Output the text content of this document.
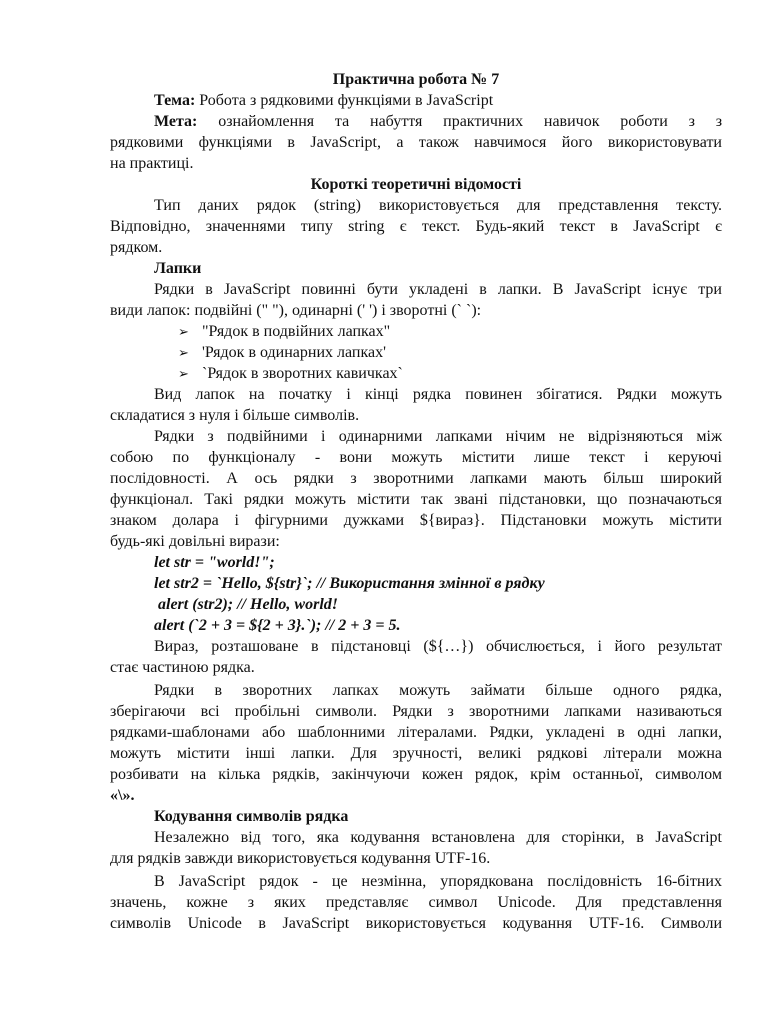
Практична робота № 7
Тема: Робота з рядковими функціями в JavaScript
Мета: ознайомлення та набуття практичних навичок роботи з з
рядковими функціями в JavaScript, а також навчимося його використовувати
на практиці.
Короткі теоретичні відомості
Тип даних рядок (string) використовується для представлення тексту.
Відповідно, значеннями типу string є текст. Будь-який текст в JavaScript є
рядком.
Лапки
Рядки в JavaScript повинні бути укладені в лапки. В JavaScript існує три
види лапок: подвійні (" "), одинарні (' ') і зворотні (` `):
➢ "Рядок в подвійних лапках"
➢ 'Рядок в одинарних лапках'
➢ `Рядок в зворотних кавичках`
Вид лапок на початку і кінці рядка повинен збігатися. Рядки можуть
складатися з нуля і більше символів.
Рядки з подвійними і одинарними лапками нічим не відрізняються між
собою по функціоналу - вони можуть містити лише текст і керуючі
послідовності. А ось рядки з зворотними лапками мають більш широкий
функціонал. Такі рядки можуть містити так звані підстановки, що позначаються
знаком долара і фігурними дужками ${вираз}. Підстановки можуть містити
будь-які довільні вирази:
let str = "world!";
let str2 = `Hello, ${str}`; // Використання змінної в рядку
alert (str2); // Hello, world!
alert (`2 + 3 = ${2 + 3}.`); // 2 + 3 = 5.
Вираз, розташоване в підстановці (${…}) обчислюється, і його результат
стає частиною рядка.
Рядки в зворотних лапках можуть займати більше одного рядка,
зберігаючи всі пробільні символи. Рядки з зворотними лапками називаються
рядками-шаблонами або шаблонними літералами. Рядки, укладені в одні лапки,
можуть містити інші лапки. Для зручності, великі рядкові літерали можна
розбивати на кілька рядків, закінчуючи кожен рядок, крім останньої, символом
«\».
Кодування символів рядка
Незалежно від того, яка кодування встановлена для сторінки, в JavaScript
для рядків завжди використовується кодування UTF-16.
В JavaScript рядок - це незмінна, упорядкована послідовність 16-бітних
значень, кожне з яких представляє символ Unicode. Для представлення
символів Unicode в JavaScript використовується кодування UTF-16. Символи
